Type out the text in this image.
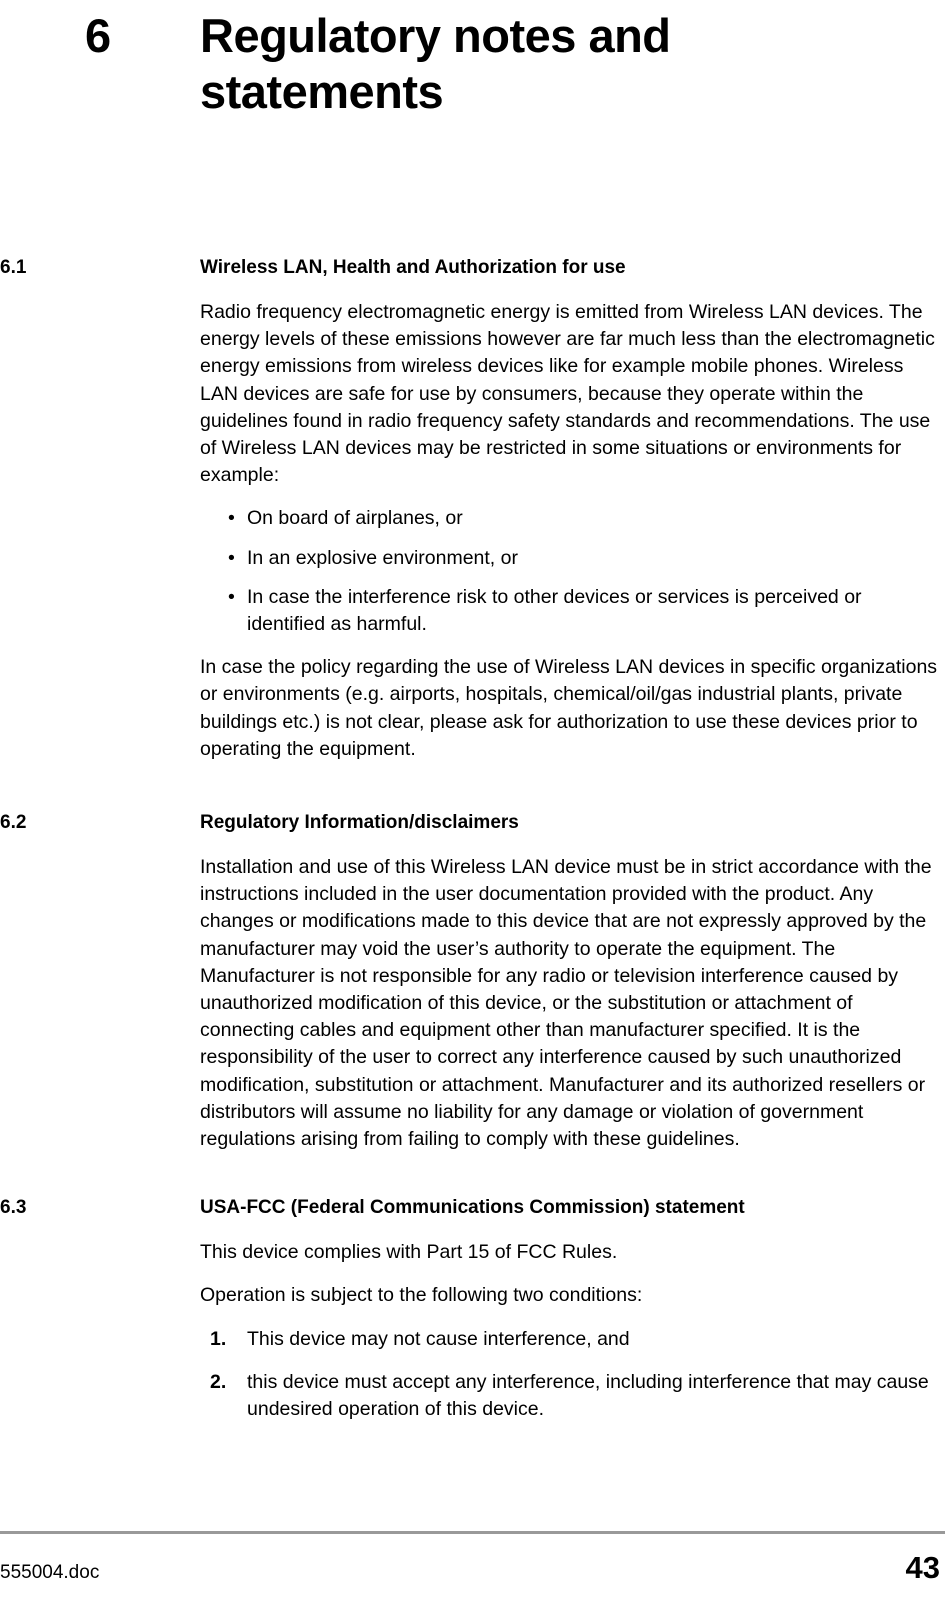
6	Regulatory notes and statements
6.1	Wireless LAN, Health and Authorization for use

Radio frequency electromagnetic energy is emitted from Wireless LAN devices. The energy levels of these emissions however are far much less than the electromagnetic energy emissions from wireless devices like for example mobile phones. Wireless LAN devices are safe for use by consumers, because they operate within the guidelines found in radio frequency safety standards and recommendations. The use of Wireless LAN devices may be restricted in some situations or environments for example:

• On board of airplanes, or
• In an explosive environment, or
• In case the interference risk to other devices or services is perceived or identified as harmful.

In case the policy regarding the use of Wireless LAN devices in specific organizations or environments (e.g. airports, hospitals, chemical/oil/gas industrial plants, private buildings etc.) is not clear, please ask for authorization to use these devices prior to operating the equipment.

6.2	Regulatory Information/disclaimers

Installation and use of this Wireless LAN device must be in strict accordance with the instructions included in the user documentation provided with the product. Any changes or modifications made to this device that are not expressly approved by the manufacturer may void the user’s authority to operate the equipment. The Manufacturer is not responsible for any radio or television interference caused by unauthorized modification of this device, or the substitution or attachment of connecting cables and equipment other than manufacturer specified. It is the responsibility of the user to correct any interference caused by such unauthorized modification, substitution or attachment. Manufacturer and its authorized resellers or distributors will assume no liability for any damage or violation of government regulations arising from failing to comply with these guidelines.

6.3	USA-FCC (Federal Communications Commission) statement

This device complies with Part 15 of FCC Rules.

Operation is subject to the following two conditions:

1. This device may not cause interference, and
2. this device must accept any interference, including interference that may cause undesired operation of this device.
555004.doc	43
